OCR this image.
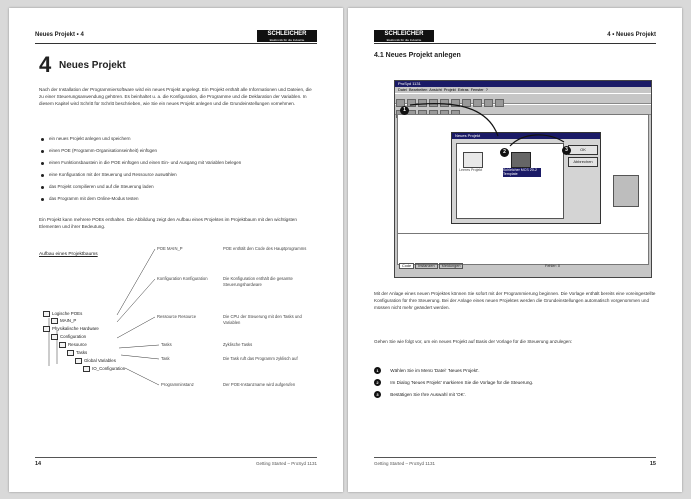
Neues Projekt • 4	SCHLEICHER
Elektronik für die Industrie
4 Neues Projekt
Nach der Installation der Programmiersoftware wird ein neues Projekt angelegt. Ein Projekt enthält alle Informationen und Dateien, die zu einer Steuerungsanwendung gehören. Es beinhaltet u. a. die Konfiguration, die Programme und die Deklaration der Variablen. In diesem Kapitel wird Schritt für Schritt beschrieben, wie Sie ein neues Projekt anlegen und die Grundeinstellungen vornehmen.
ein neues Projekt anlegen und speichern
einen POE (Programm-Organisationseinheit) einfügen
einen Funktionsbaustein in die POE einfügen und einen Ein- und Ausgang mit Variablen belegen
eine Konfiguration mit der Steuerung und Ressource auswählen
das Projekt compilieren und auf die Steuerung laden
das Programm mit dem Online-Modus testen
Ein Projekt kann mehrere POEs enthalten. Die Abbildung zeigt den Aufbau eines Projektes im Projektbaum mit den wichtigsten Elementen und ihrer Bedeutung.
Aufbau eines Projektbaums
Logische POEs
MAIN_P
Physikalische Hardware
Configuration
Resource
Tasks
Global Variables
IO_Configuration
POE MAIN_P	POE enthält den Code des Hauptprogramms
Konfiguration Konfiguration	Die Konfiguration enthält die gesamte Steuerungshardware
Ressource Resource	Die CPU der Steuerung mit den Tasks und Variablen
Tasks	Zyklische Tasks
Task	Die Task ruft das Programm zyklisch auf
Programminstanz	Der POE-Instanzname wird aufgerufen
14	Getting Started – ProSyd 1131
SCHLEICHER
Elektronik für die Industrie
4 • Neues Projekt
4.1 Neues Projekt anlegen
ProSyd 1131
Datei Bearbeiten Ansicht Projekt Extras Fenster ?
Neues Projekt
Leeres Projekt	Schleicher MCS 20-2 Template
OK
Abbrechen
Code Instanzen Meldungen	Fehler: 0
1
2	3
Mit der Anlage eines neuen Projektes können Sie sofort mit der Programmierung beginnen. Die Vorlage enthält bereits eine voreingestellte Konfiguration für Ihre Steuerung. Bei der Anlage eines neuen Projektes werden die Grundeinstellungen automatisch vorgenommen und müssen nicht mehr geändert werden.
Gehen Sie wie folgt vor, um ein neues Projekt auf Basis der Vorlage für die Steuerung anzulegen:
1	Wählen Sie im Menü 'Datei' 'Neues Projekt'.
2	Im Dialog 'Neues Projekt' markieren Sie die Vorlage für die Steuerung.
3	Bestätigen Sie Ihre Auswahl mit 'OK'.
Getting Started – ProSyd 1131	15
